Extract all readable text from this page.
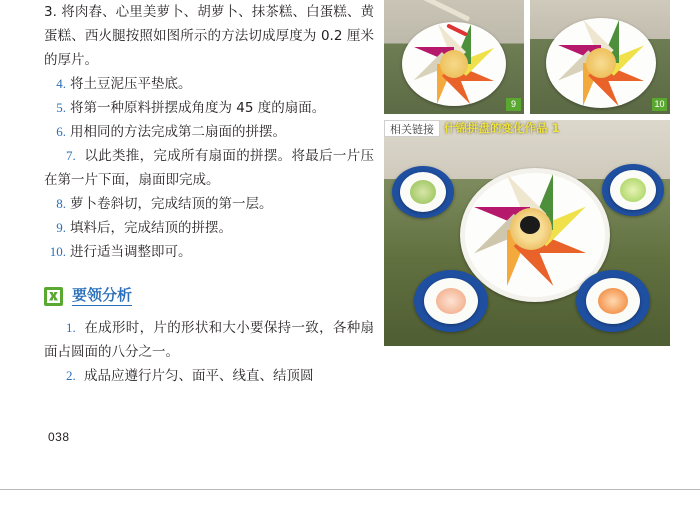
3. 将肉舂、心里美萝卜、胡萝卜、抹茶糕、白蛋糕、黄蛋糕、西火腿按照如图所示的方法切成厚度为 0.2 厘米的厚片。
4. 将土豆泥压平垫底。
5. 将第一种原料拼摆成角度为 45 度的扇面。
6. 用相同的方法完成第二扇面的拼摆。
7. 以此类推，完成所有扇面的拼摆。将最后一片压在第一片下面，扇面即完成。
8. 萝卜卷斜切，完成结顶的第一层。
9. 填料后，完成结顶的拼摆。
10. 进行适当调整即可。
要领分析
1. 在成形时，片的形状和大小要保持一致，各种扇面占圆面的八分之一。
2. 成品应遵行片匀、面平、线直、结顶圆
038
9	10
相关链接 什锦拼盘的变化作品 1
